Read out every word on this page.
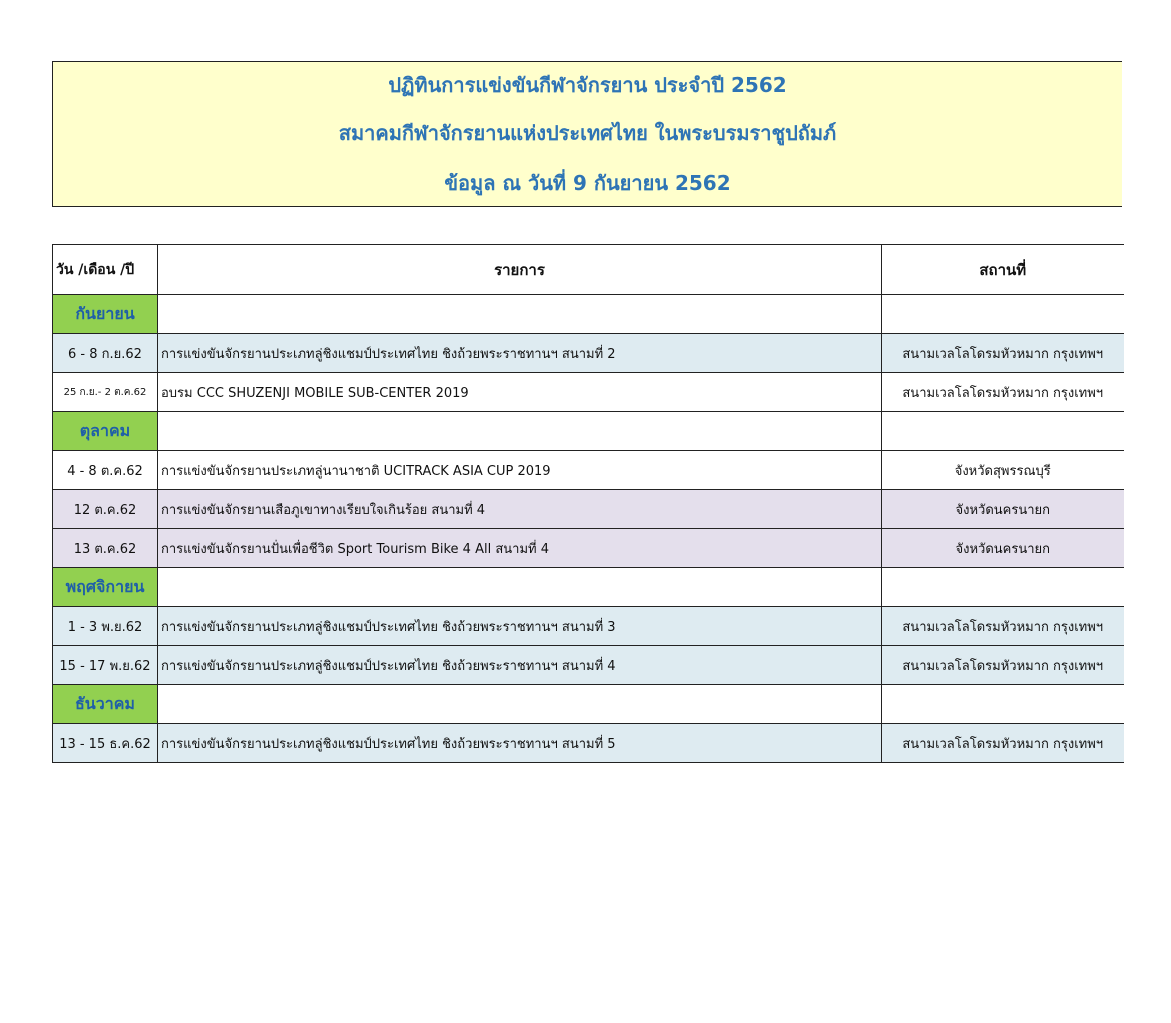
ปฏิทินการแข่งขันกีฬาจักรยาน ประจำปี 2562
สมาคมกีฬาจักรยานแห่งประเทศไทย ในพระบรมราชูปถัมภ์
ข้อมูล ณ วันที่ 9 กันยายน 2562
วัน /เดือน /ปี	รายการ	สถานที่
กันยายน		
6 - 8 ก.ย.62	การแข่งขันจักรยานประเภทลู่ชิงแชมป์ประเทศไทย ชิงถ้วยพระราชทานฯ สนามที่ 2	สนามเวลโลโดรมหัวหมาก กรุงเทพฯ
25 ก.ย.- 2 ต.ค.62	อบรม CCC SHUZENJI MOBILE SUB-CENTER 2019	สนามเวลโลโดรมหัวหมาก กรุงเทพฯ
ตุลาคม		
4 - 8 ต.ค.62	การแข่งขันจักรยานประเภทลู่นานาชาติ UCITRACK ASIA CUP 2019	จังหวัดสุพรรณบุรี
12 ต.ค.62	การแข่งขันจักรยานเสือภูเขาทางเรียบใจเกินร้อย สนามที่ 4	จังหวัดนครนายก
13 ต.ค.62	การแข่งขันจักรยานปั่นเพื่อชีวิต Sport Tourism Bike 4 All สนามที่ 4	จังหวัดนครนายก
พฤศจิกายน		
1 - 3 พ.ย.62	การแข่งขันจักรยานประเภทลู่ชิงแชมป์ประเทศไทย ชิงถ้วยพระราชทานฯ สนามที่ 3	สนามเวลโลโดรมหัวหมาก กรุงเทพฯ
15 - 17 พ.ย.62	การแข่งขันจักรยานประเภทลู่ชิงแชมป์ประเทศไทย ชิงถ้วยพระราชทานฯ สนามที่ 4	สนามเวลโลโดรมหัวหมาก กรุงเทพฯ
ธันวาคม		
13 - 15 ธ.ค.62	การแข่งขันจักรยานประเภทลู่ชิงแชมป์ประเทศไทย ชิงถ้วยพระราชทานฯ สนามที่ 5	สนามเวลโลโดรมหัวหมาก กรุงเทพฯ
